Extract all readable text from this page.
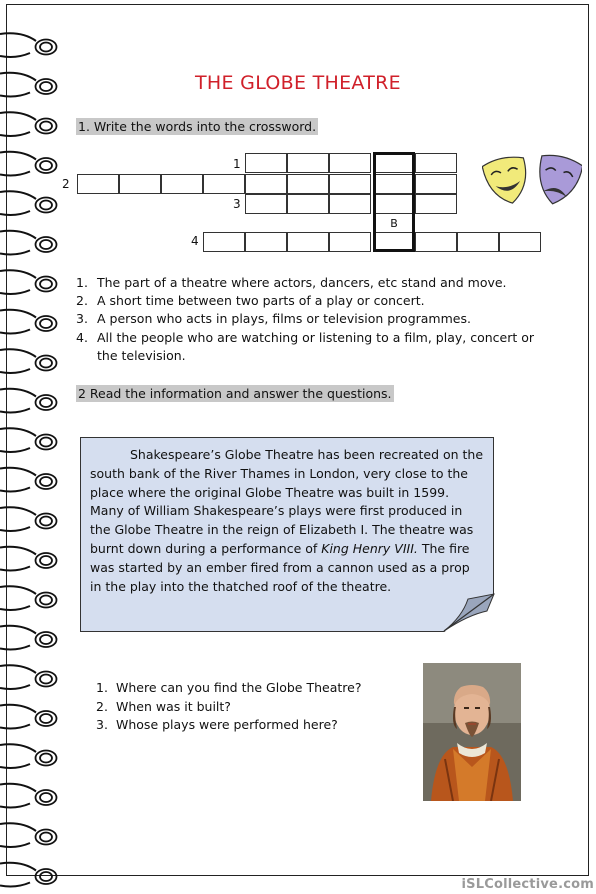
THE GLOBE THEATRE
1. Write the words into the crossword.
1
2
3
4
B
1. The part of a theatre where actors, dancers, etc stand and move.
2. A short time between two parts of a play or concert.
3. A person who acts in plays, films or television programmes.
4. All the people who are watching or listening to a film, play, concert or the television.
2 Read the information and answer the questions.

Shakespeare’s Globe Theatre has been recreated on the south bank of the River Thames in London, very close to the place where the original Globe Theatre was built in 1599. Many of William Shakespeare’s plays were first produced in the Globe Theatre in the reign of Elizabeth I. The theatre was burnt down during a performance of King Henry VIII. The fire was started by an ember fired from a cannon used as a prop in the play into the thatched roof of the theatre.

1. Where can you find the Globe Theatre?
2. When was it built?
3. Whose plays were performed here?
iSLCollective.com
